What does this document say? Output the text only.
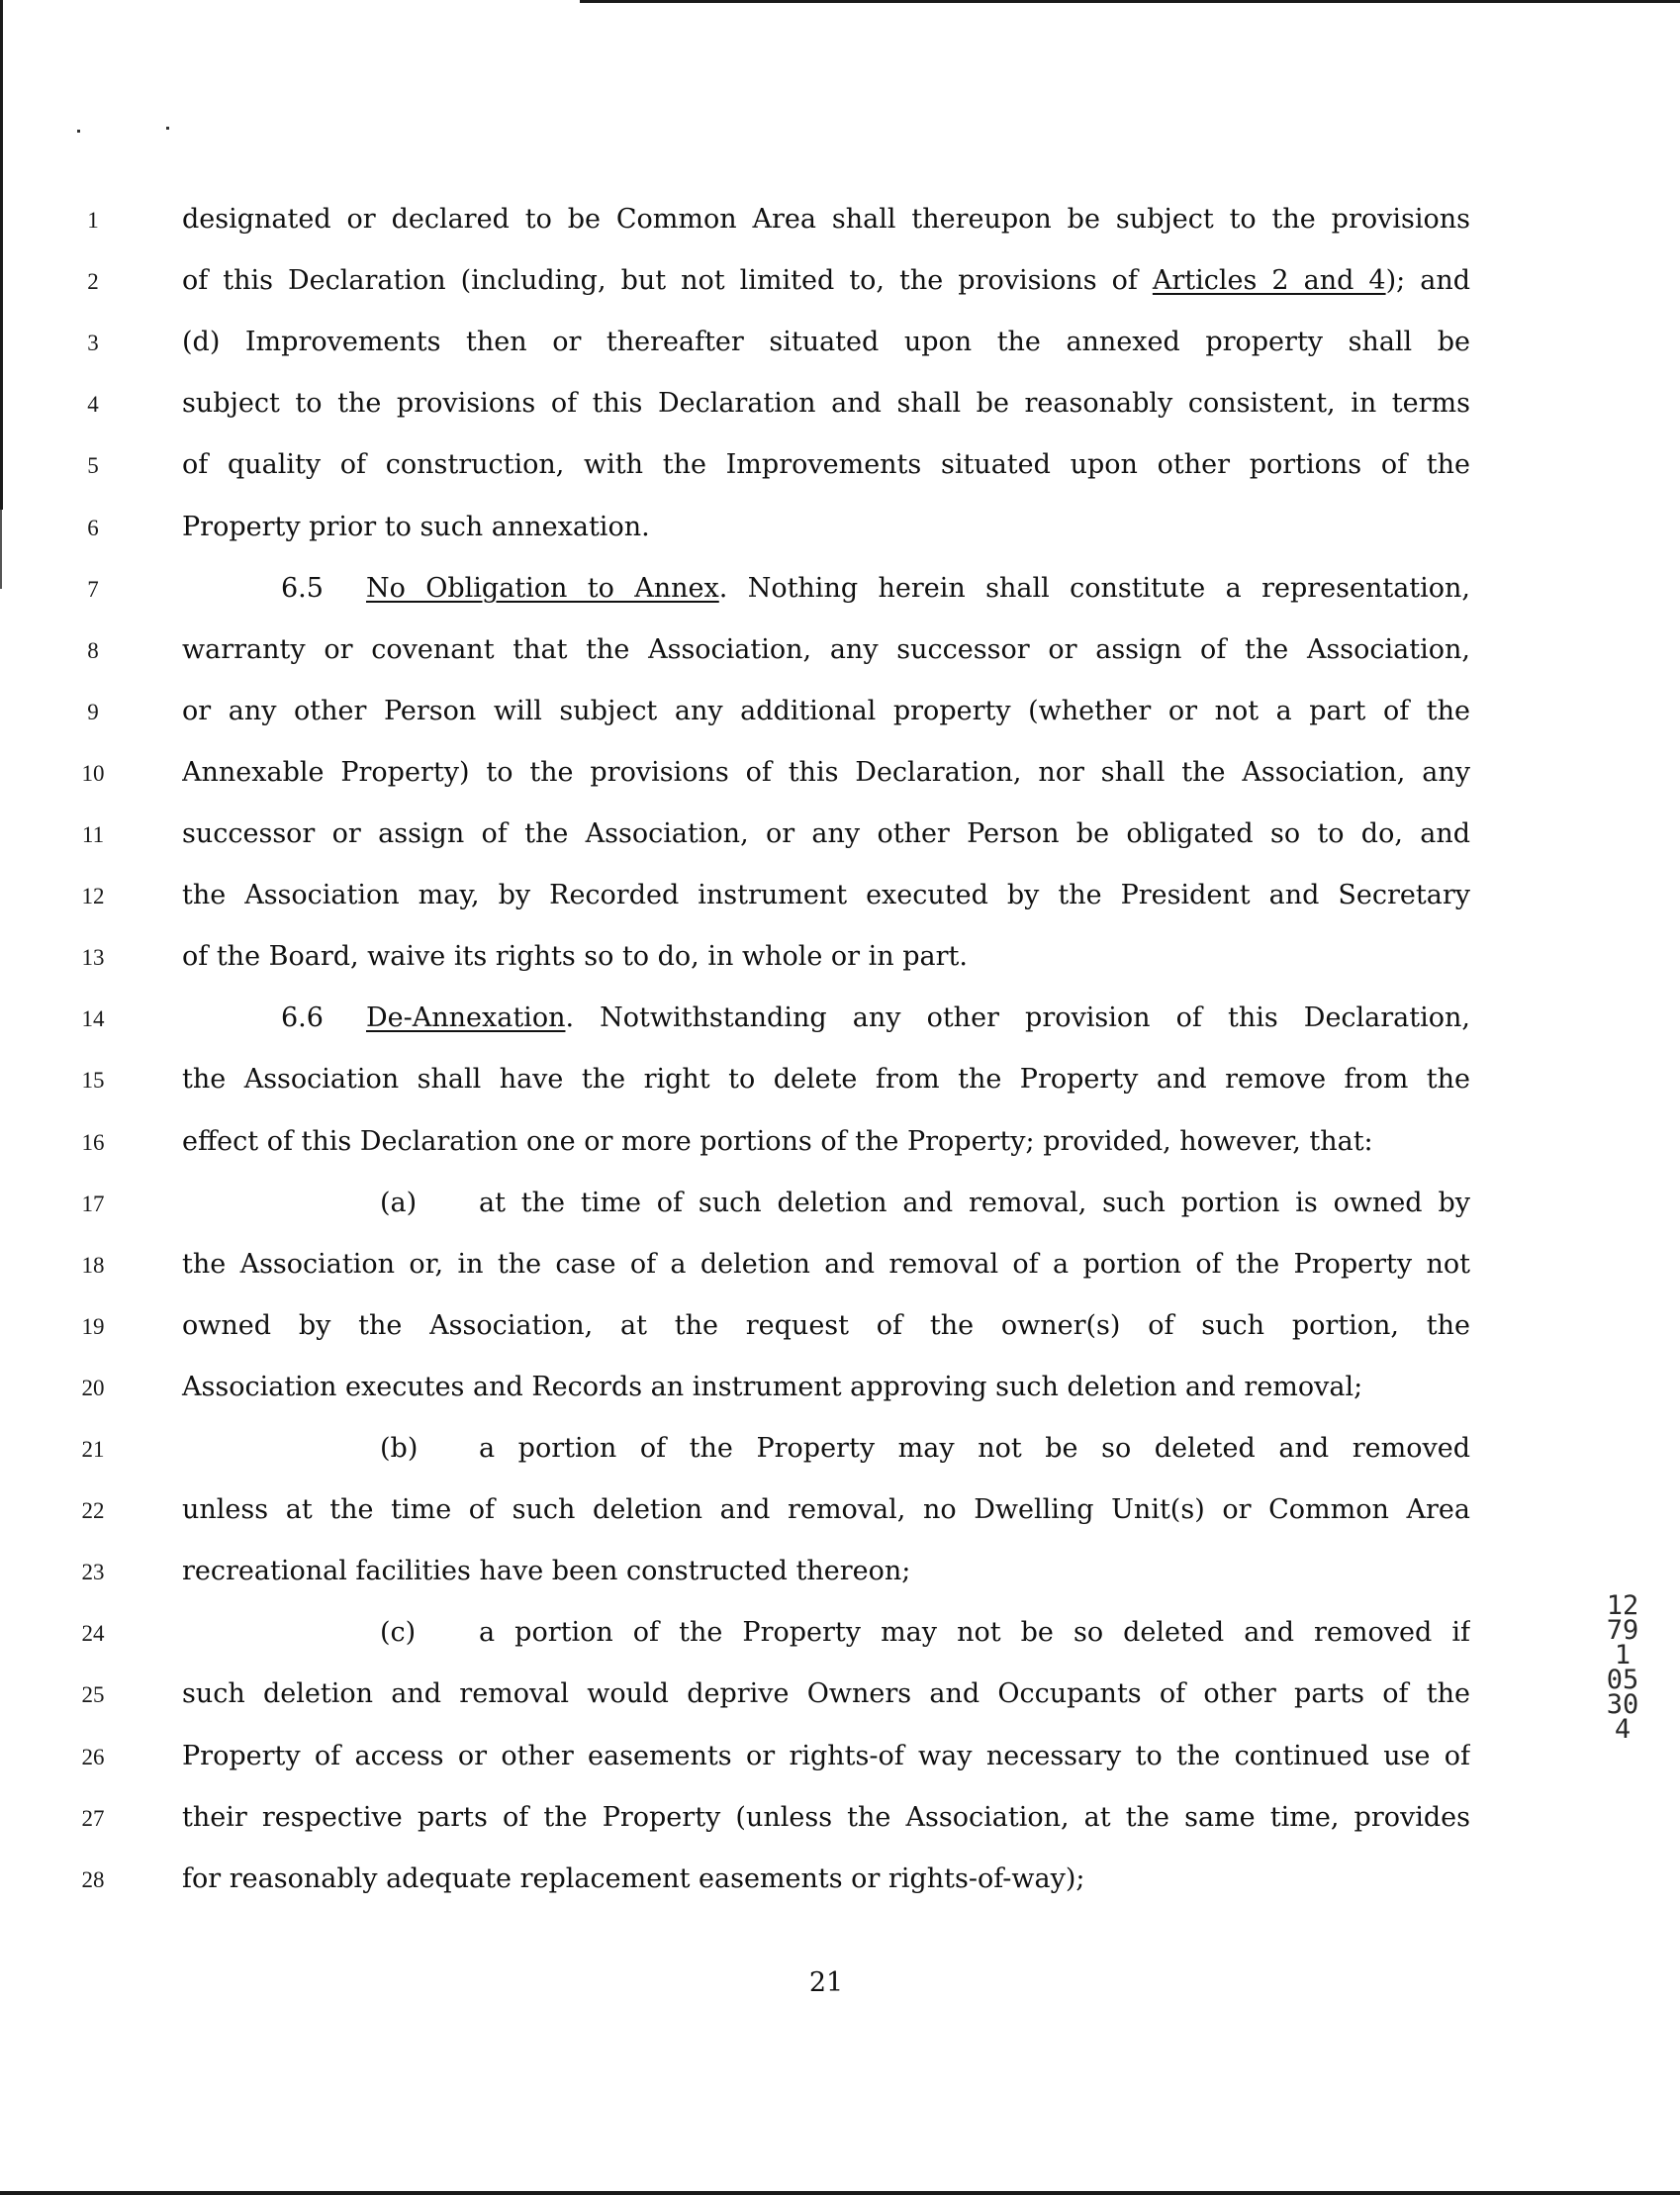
1	designated or declared to be Common Area shall thereupon be subject to the provisions
2	of this Declaration (including, but not limited to, the provisions of Articles 2 and 4); and
3	(d) Improvements then or thereafter situated upon the annexed property shall be
4	subject to the provisions of this Declaration and shall be reasonably consistent, in terms
5	of quality of construction, with the Improvements situated upon other portions of the
6	Property prior to such annexation.
7	6.5 No Obligation to Annex. Nothing herein shall constitute a representation,
8	warranty or covenant that the Association, any successor or assign of the Association,
9	or any other Person will subject any additional property (whether or not a part of the
10	Annexable Property) to the provisions of this Declaration, nor shall the Association, any
11	successor or assign of the Association, or any other Person be obligated so to do, and
12	the Association may, by Recorded instrument executed by the President and Secretary
13	of the Board, waive its rights so to do, in whole or in part.
14	6.6 De-Annexation. Notwithstanding any other provision of this Declaration,
15	the Association shall have the right to delete from the Property and remove from the
16	effect of this Declaration one or more portions of the Property; provided, however, that:
17	(a) at the time of such deletion and removal, such portion is owned by
18	the Association or, in the case of a deletion and removal of a portion of the Property not
19	owned by the Association, at the request of the owner(s) of such portion, the
20	Association executes and Records an instrument approving such deletion and removal;
21	(b) a portion of the Property may not be so deleted and removed
22	unless at the time of such deletion and removal, no Dwelling Unit(s) or Common Area
23	recreational facilities have been constructed thereon;
24	(c) a portion of the Property may not be so deleted and removed if
25	such deletion and removal would deprive Owners and Occupants of other parts of the
26	Property of access or other easements or rights-of way necessary to the continued use of
27	their respective parts of the Property (unless the Association, at the same time, provides
28	for reasonably adequate replacement easements or rights-of-way);
21
12791 05304
